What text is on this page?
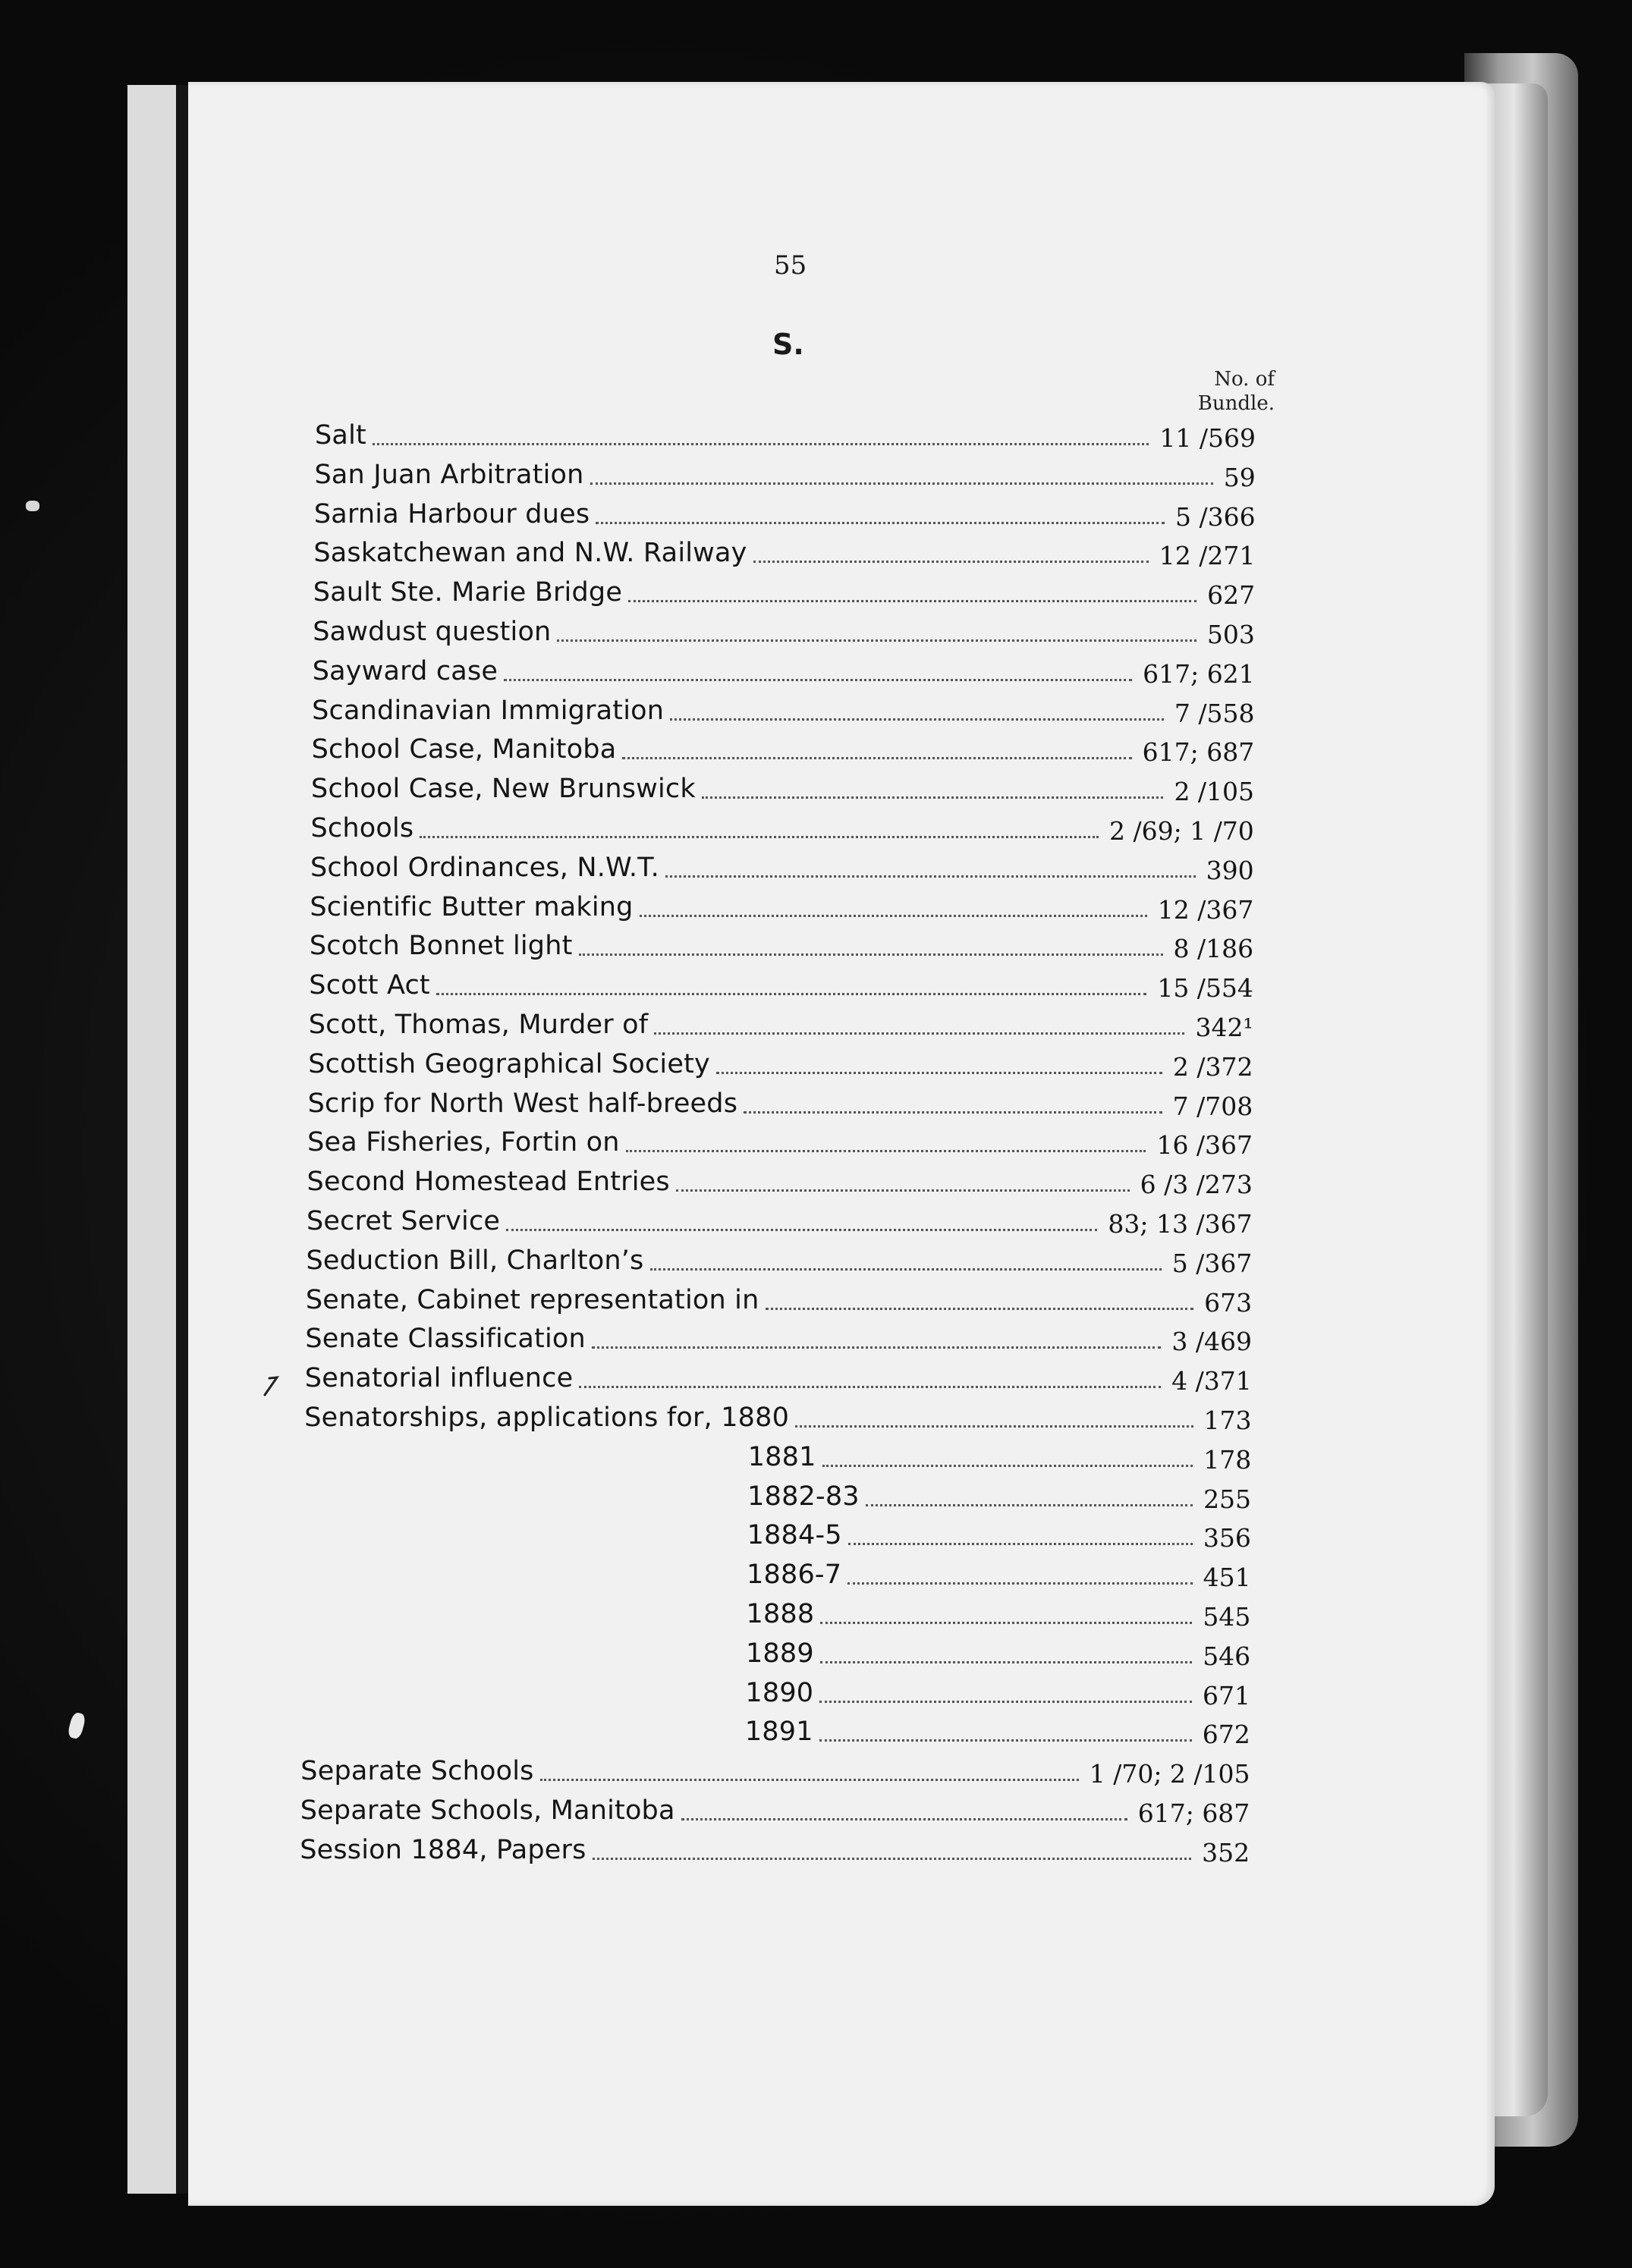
55
S.
No. of
Bundle.
Salt	11 /569
San Juan Arbitration	59
Sarnia Harbour dues	5 /366
Saskatchewan and N.W. Railway	12 /271
Sault Ste. Marie Bridge	627
Sawdust question	503
Sayward case	617; 621
Scandinavian Immigration	7 /558
School Case, Manitoba	617; 687
School Case, New Brunswick	2 /105
Schools	2 /69; 1 /70
School Ordinances, N.W.T.	390
Scientific Butter making	12 /367
Scotch Bonnet light	8 /186
Scott Act	15 /554
Scott, Thomas, Murder of	342¹
Scottish Geographical Society	2 /372
Scrip for North West half-breeds	7 /708
Sea Fisheries, Fortin on	16 /367
Second Homestead Entries	6 /3 /273
Secret Service	83; 13 /367
Seduction Bill, Charlton’s	5 /367
Senate, Cabinet representation in	673
Senate Classification	3 /469
Senatorial influence	4 /371
Senatorships, applications for, 1880	173
1881	178
1882-83	255
1884-5	356
1886-7	451
1888	545
1889	546
1890	671
1891	672
Separate Schools	1 /70; 2 /105
Separate Schools, Manitoba	617; 687
Session 1884, Papers	352
